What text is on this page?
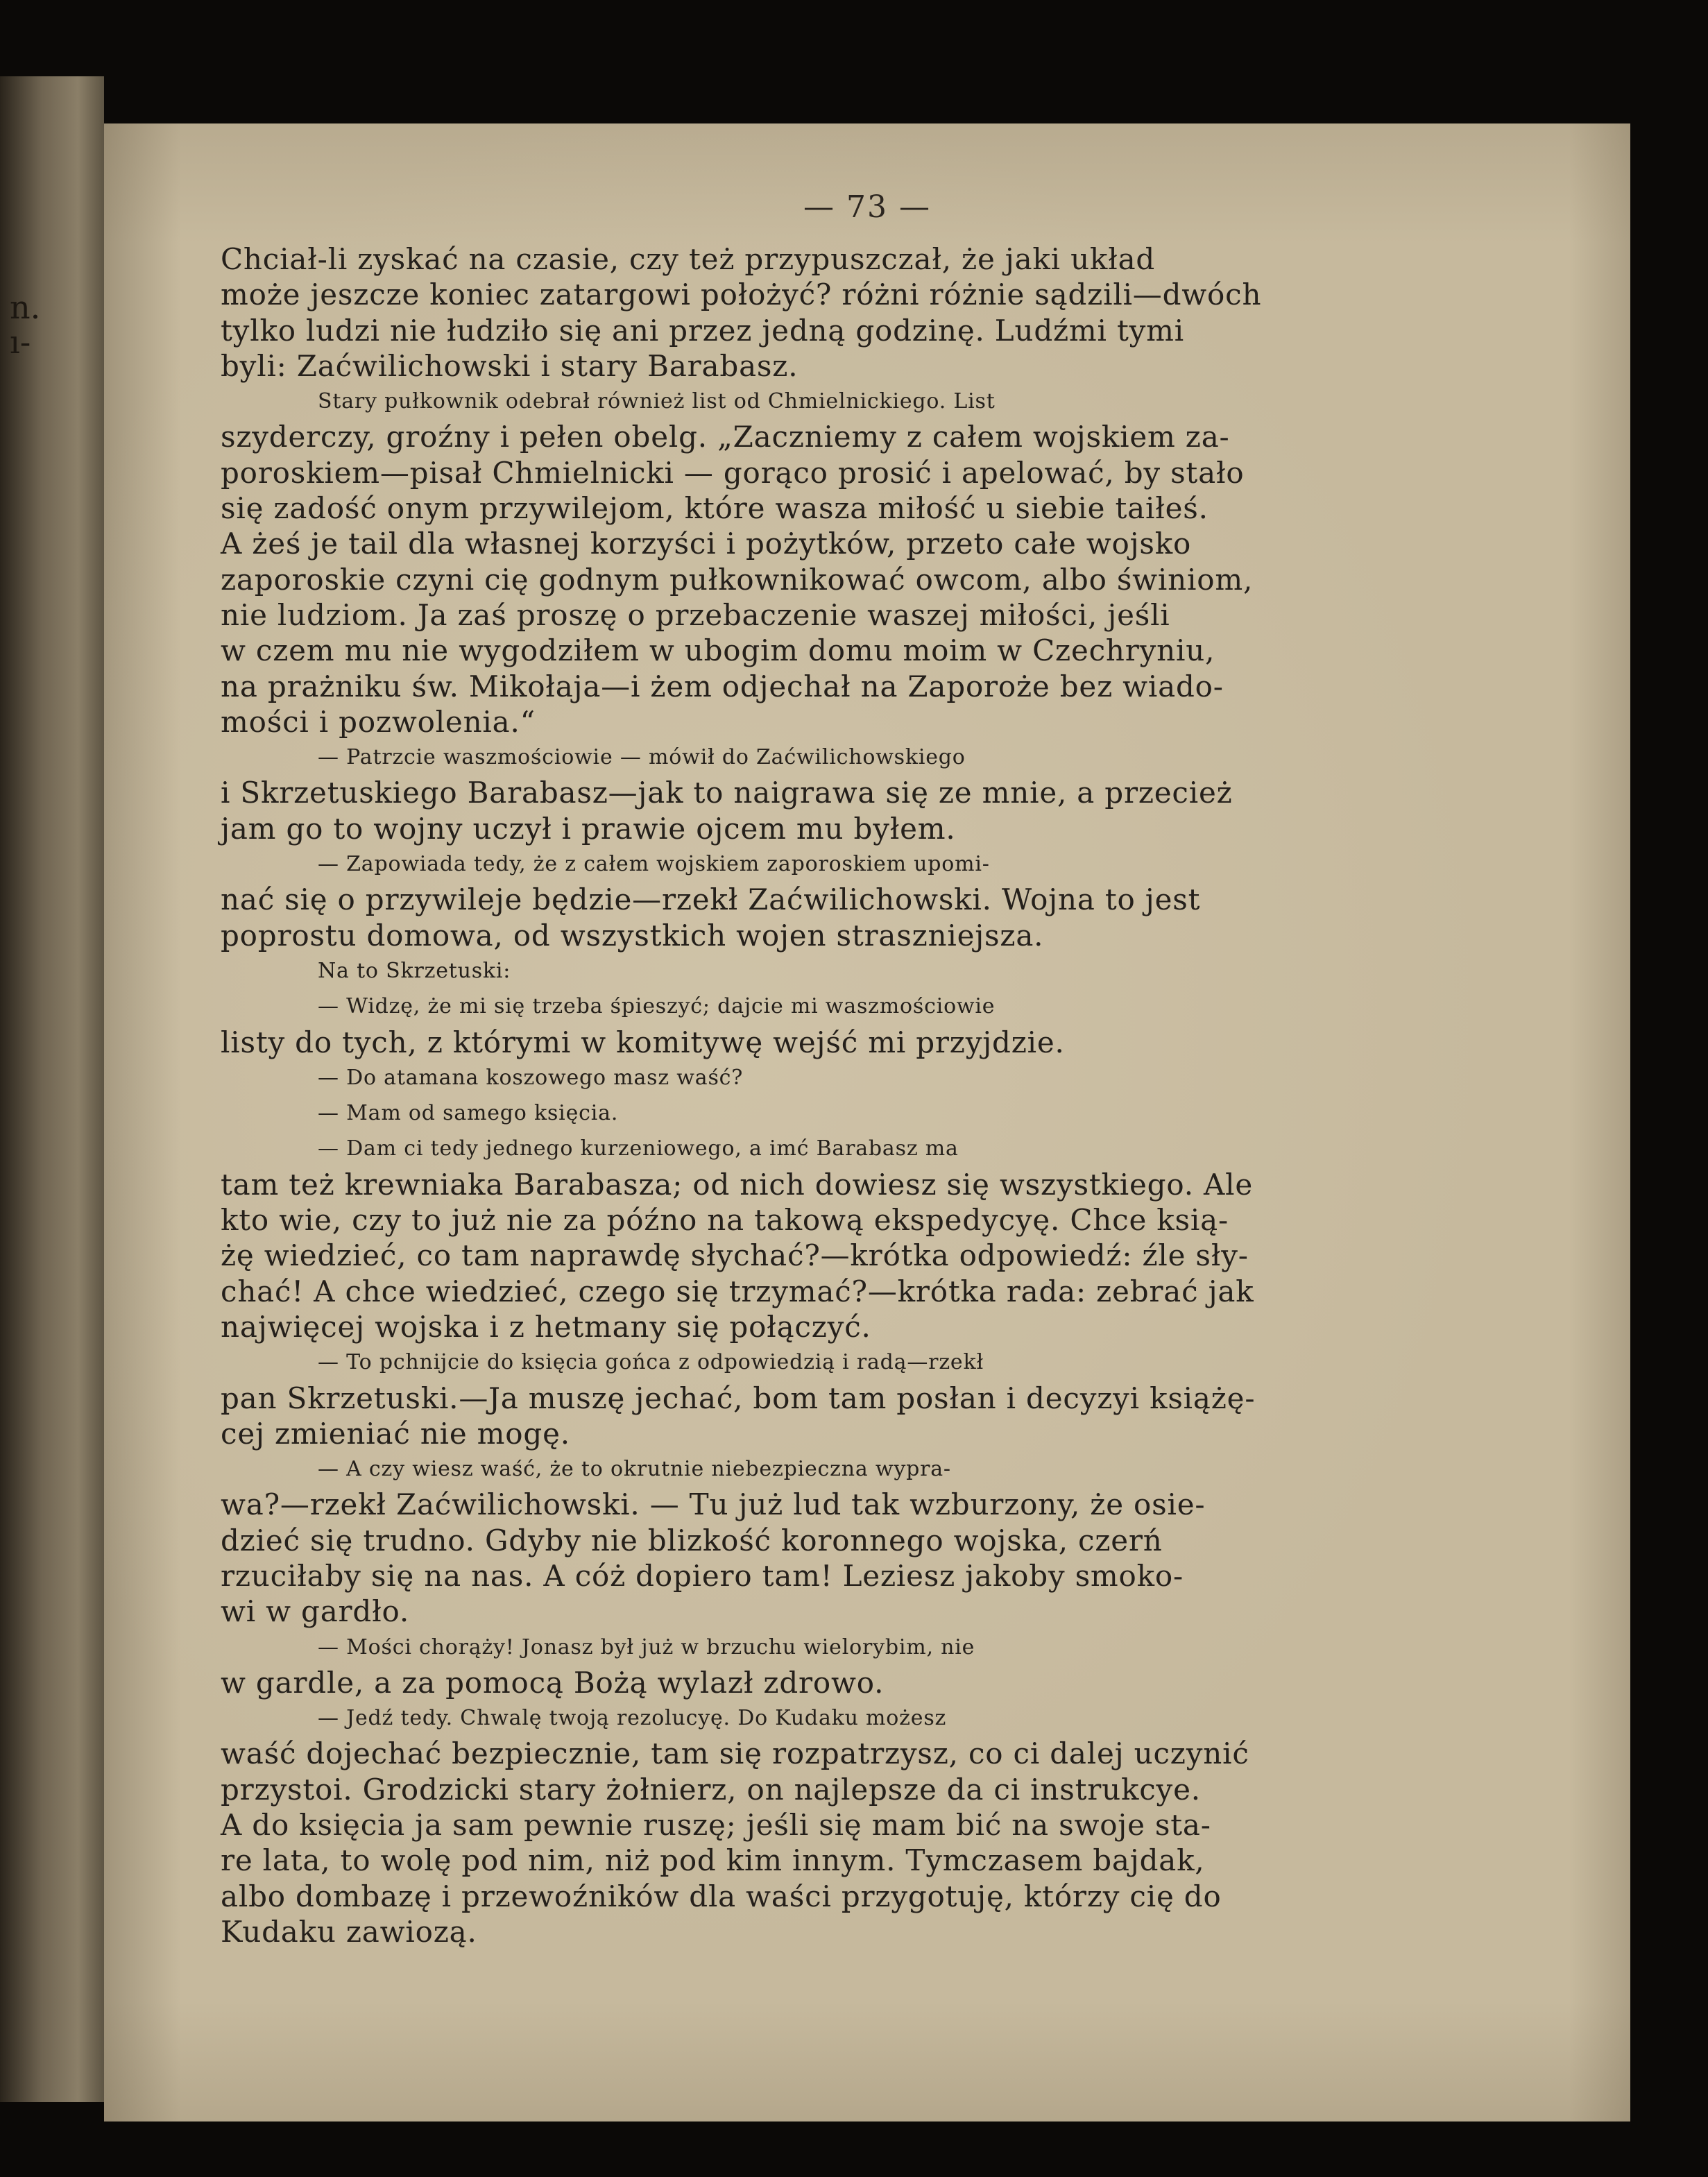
n.
ı-
— 73 —

Chciał-li zyskać na czasie, czy też przypuszczał, że jaki układ
może jeszcze koniec zatargowi położyć? różni różnie sądzili—dwóch
tylko ludzi nie łudziło się ani przez jedną godzinę. Ludźmi tymi
byli: Zaćwilichowski i stary Barabasz.

Stary pułkownik odebrał również list od Chmielnickiego. List
szyderczy, groźny i pełen obelg. „Zaczniemy z całem wojskiem za-
poroskiem—pisał Chmielnicki — gorąco prosić i apelować, by stało
się zadość onym przywilejom, które wasza miłość u siebie taiłeś.
A żeś je tail dla własnej korzyści i pożytków, przeto całe wojsko
zaporoskie czyni cię godnym pułkownikować owcom, albo świniom,
nie ludziom. Ja zaś proszę o przebaczenie waszej miłości, jeśli
w czem mu nie wygodziłem w ubogim domu moim w Czechryniu,
na prażniku św. Mikołaja—i żem odjechał na Zaporoże bez wiado-
mości i pozwolenia.“

— Patrzcie waszmościowie — mówił do Zaćwilichowskiego
i Skrzetuskiego Barabasz—jak to naigrawa się ze mnie, a przecież
jam go to wojny uczył i prawie ojcem mu byłem.

— Zapowiada tedy, że z całem wojskiem zaporoskiem upomi-
nać się o przywileje będzie—rzekł Zaćwilichowski. Wojna to jest
poprostu domowa, od wszystkich wojen straszniejsza.

Na to Skrzetuski:

— Widzę, że mi się trzeba śpieszyć; dajcie mi waszmościowie
listy do tych, z którymi w komitywę wejść mi przyjdzie.

— Do atamana koszowego masz waść?

— Mam od samego księcia.

— Dam ci tedy jednego kurzeniowego, a imć Barabasz ma
tam też krewniaka Barabasza; od nich dowiesz się wszystkiego. Ale
kto wie, czy to już nie za późno na takową ekspedycyę. Chce ksią-
żę wiedzieć, co tam naprawdę słychać?—krótka odpowiedź: źle sły-
chać! A chce wiedzieć, czego się trzymać?—krótka rada: zebrać jak
najwięcej wojska i z hetmany się połączyć.

— To pchnijcie do księcia gońca z odpowiedzią i radą—rzekł
pan Skrzetuski.—Ja muszę jechać, bom tam posłan i decyzyi książę-
cej zmieniać nie mogę.

— A czy wiesz waść, że to okrutnie niebezpieczna wypra-
wa?—rzekł Zaćwilichowski. — Tu już lud tak wzburzony, że osie-
dzieć się trudno. Gdyby nie blizkość koronnego wojska, czerń
rzuciłaby się na nas. A cóż dopiero tam! Leziesz jakoby smoko-
wi w gardło.

— Mości chorąży! Jonasz był już w brzuchu wielorybim, nie
w gardle, a za pomocą Bożą wylazł zdrowo.

— Jedź tedy. Chwalę twoją rezolucyę. Do Kudaku możesz
waść dojechać bezpiecznie, tam się rozpatrzysz, co ci dalej uczynić
przystoi. Grodzicki stary żołnierz, on najlepsze da ci instrukcye.
A do księcia ja sam pewnie ruszę; jeśli się mam bić na swoje sta-
re lata, to wolę pod nim, niż pod kim innym. Tymczasem bajdak,
albo dombazę i przewoźników dla waści przygotuję, którzy cię do
Kudaku zawiozą.
